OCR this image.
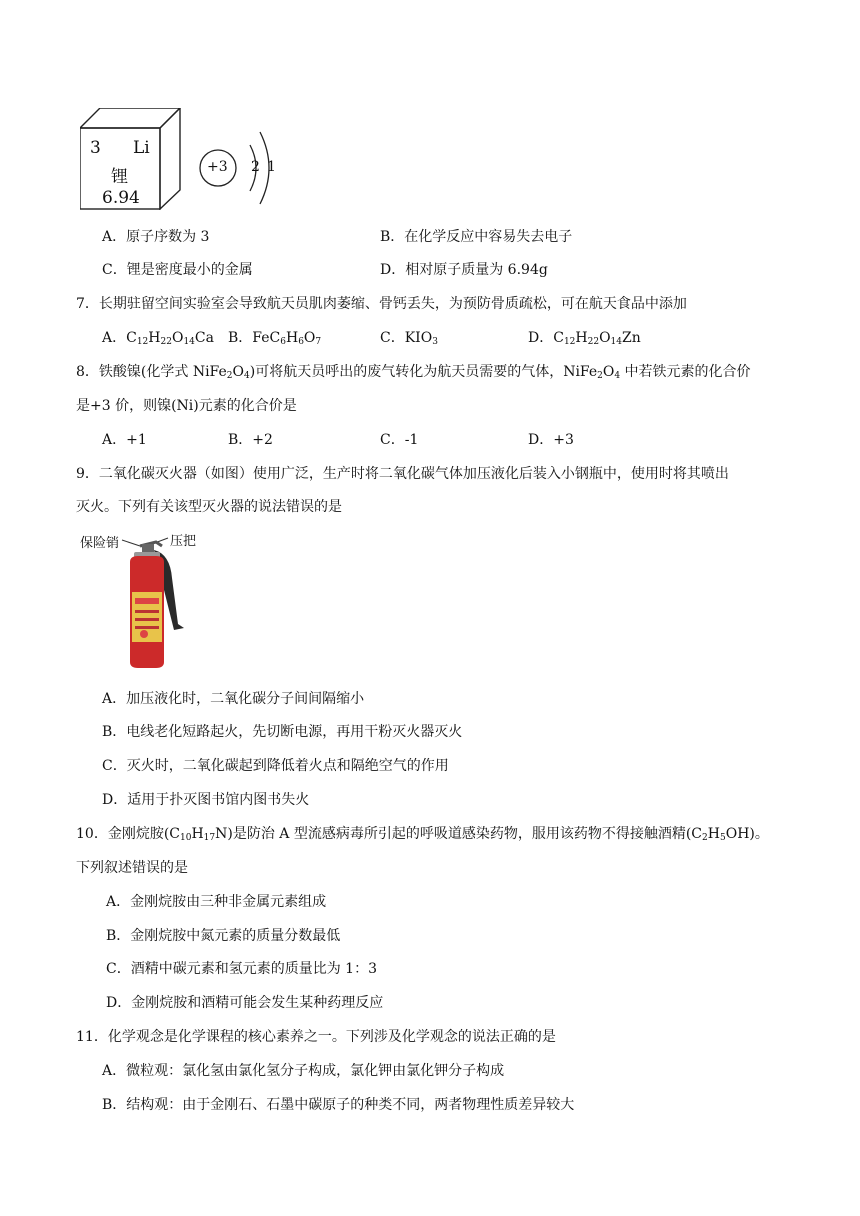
3 Li
锂
6.94
+3 2 1
A．原子序数为 3	B．在化学反应中容易失去电子
C．锂是密度最小的金属	D．相对原子质量为 6.94g
7．长期驻留空间实验室会导致航天员肌肉萎缩、骨钙丢失，为预防骨质疏松，可在航天食品中添加
A．$C_{12}H_{22}O_{14}Ca$ B．$FeC_6H_6O_7$	C．$KIO_3$	D．$C_{12}H_{22}O_{14}Zn$
8．铁酸镍(化学式 $NiFe_2O_4$)可将航天员呼出的废气转化为航天员需要的气体，$NiFe_2O_4$ 中若铁元素的化合价
是+3 价，则镍(Ni)元素的化合价是
A．+1	B．+2	C．-1	D．+3
9．二氧化碳灭火器（如图）使用广泛，生产时将二氧化碳气体加压液化后装入小钢瓶中，使用时将其喷出
灭火。下列有关该型灭火器的说法错误的是
保险销	压把
A．加压液化时，二氧化碳分子间间隔缩小
B．电线老化短路起火，先切断电源，再用干粉灭火器灭火
C．灭火时，二氧化碳起到降低着火点和隔绝空气的作用
D．适用于扑灭图书馆内图书失火
10．金刚烷胺$(C_{10}H_{17}N)$是防治 A 型流感病毒所引起的呼吸道感染药物，服用该药物不得接触酒精$(C_2H_5OH)$。
下列叙述错误的是
A．金刚烷胺由三种非金属元素组成
B．金刚烷胺中氮元素的质量分数最低
C．酒精中碳元素和氢元素的质量比为 1：3
D．金刚烷胺和酒精可能会发生某种药理反应
11．化学观念是化学课程的核心素养之一。下列涉及化学观念的说法正确的是
A．微粒观：氯化氢由氯化氢分子构成，氯化钾由氯化钾分子构成
B．结构观：由于金刚石、石墨中碳原子的种类不同，两者物理性质差异较大
